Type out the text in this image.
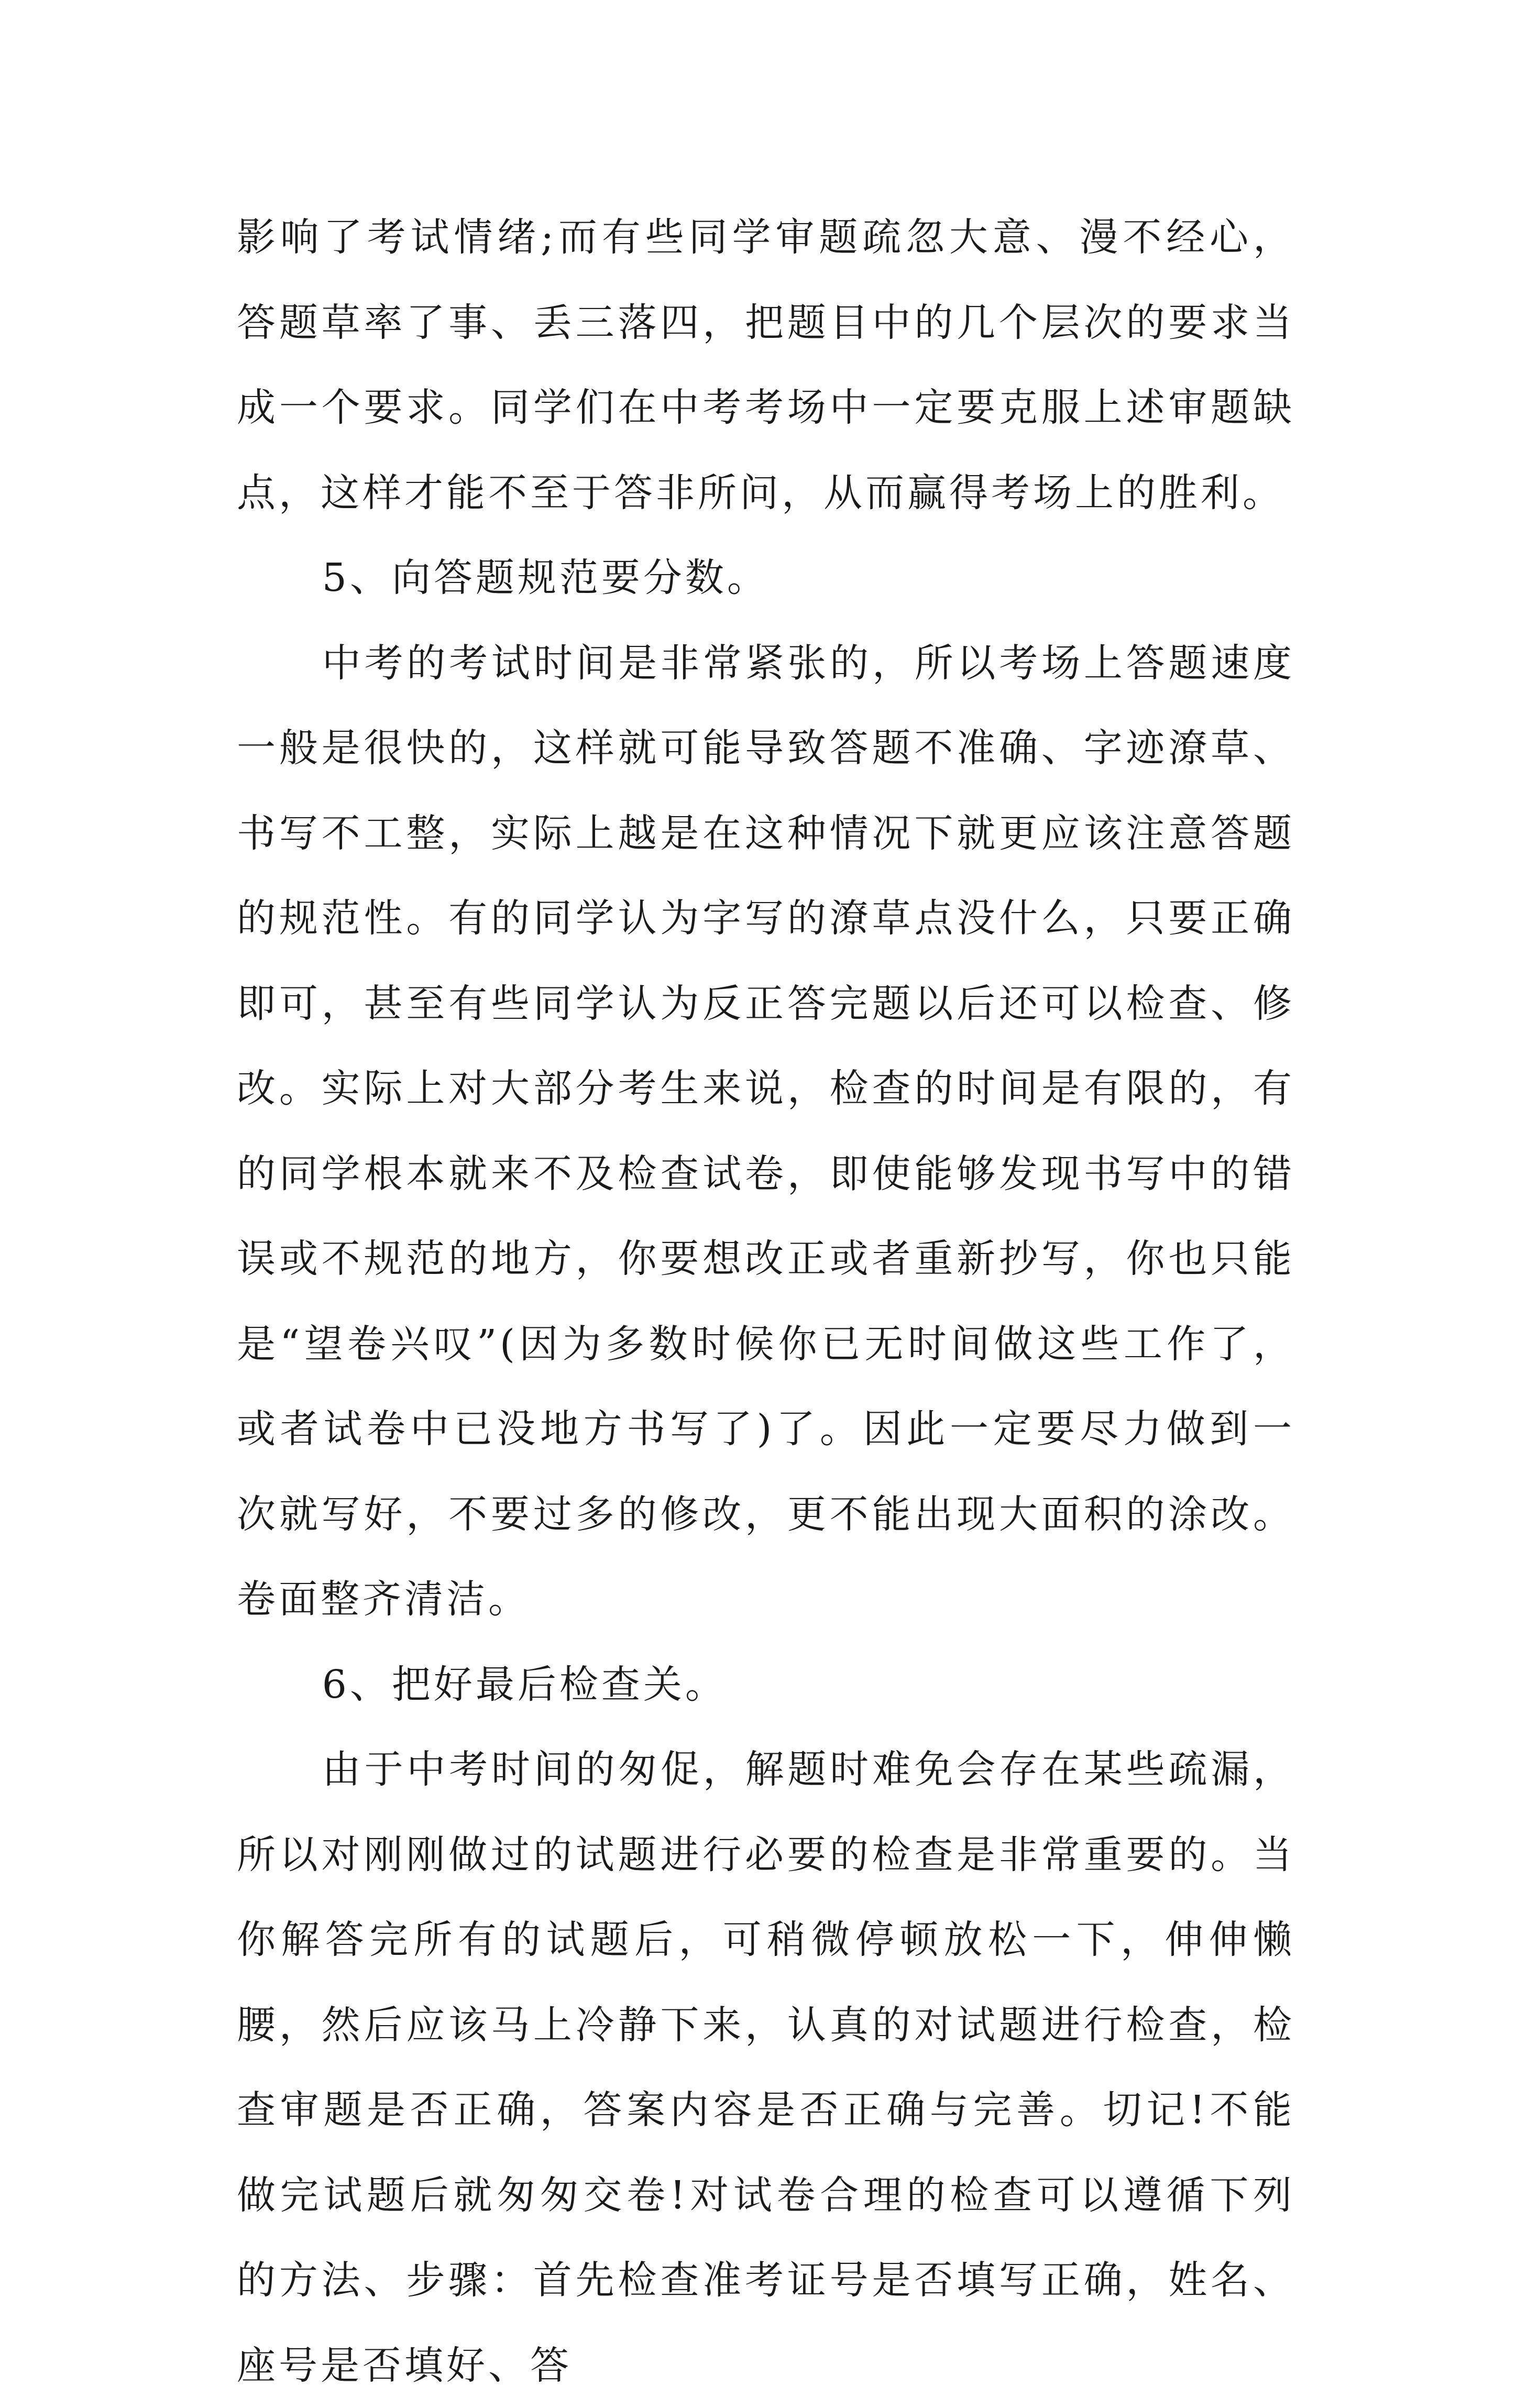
影响了考试情绪;而有些同学审题疏忽大意、漫不经心，答题草率了事、丢三落四，把题目中的几个层次的要求当成一个要求。同学们在中考考场中一定要克服上述审题缺点，这样才能不至于答非所问，从而赢得考场上的胜利。

5、向答题规范要分数。

中考的考试时间是非常紧张的，所以考场上答题速度一般是很快的，这样就可能导致答题不准确、字迹潦草、书写不工整，实际上越是在这种情况下就更应该注意答题的规范性。有的同学认为字写的潦草点没什么，只要正确即可，甚至有些同学认为反正答完题以后还可以检查、修改。实际上对大部分考生来说，检查的时间是有限的，有的同学根本就来不及检查试卷，即使能够发现书写中的错误或不规范的地方，你要想改正或者重新抄写，你也只能是“望卷兴叹”(因为多数时候你已无时间做这些工作了，或者试卷中已没地方书写了)了。因此一定要尽力做到一次就写好，不要过多的修改，更不能出现大面积的涂改。卷面整齐清洁。

6、把好最后检查关。

由于中考时间的匆促，解题时难免会存在某些疏漏，所以对刚刚做过的试题进行必要的检查是非常重要的。当你解答完所有的试题后，可稍微停顿放松一下，伸伸懒腰，然后应该马上冷静下来，认真的对试题进行检查，检查审题是否正确，答案内容是否正确与完善。切记!不能做完试题后就匆匆交卷!对试卷合理的检查可以遵循下列的方法、步骤：首先检查准考证号是否填写正确，姓名、座号是否填好、答
